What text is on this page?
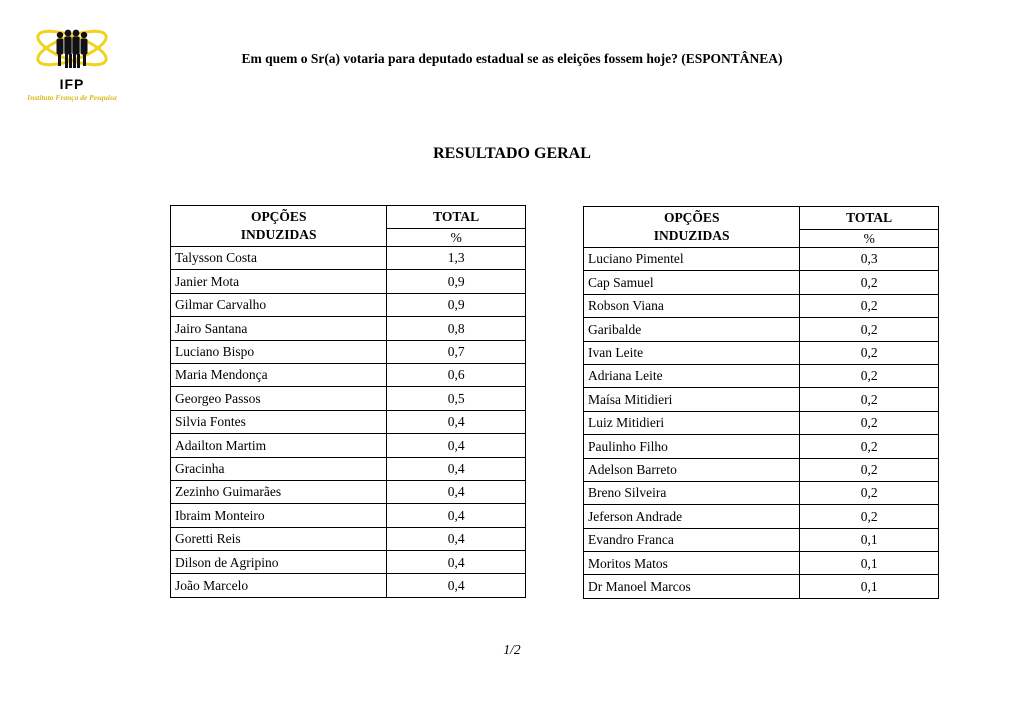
IFP
Instituto França de Pesquisa
Em quem o Sr(a) votaria para deputado estadual se as eleições fossem hoje? (ESPONTÂNEA)
RESULTADO GERAL
OPÇÕES
INDUZIDAS	TOTAL
	%
Talysson Costa	1,3
Janier Mota	0,9
Gilmar Carvalho	0,9
Jairo Santana	0,8
Luciano Bispo	0,7
Maria Mendonça	0,6
Georgeo Passos	0,5
Silvia Fontes	0,4
Adailton Martim	0,4
Gracinha	0,4
Zezinho Guimarães	0,4
Ibraim Monteiro	0,4
Goretti Reis	0,4
Dilson de Agripino	0,4
João Marcelo	0,4
OPÇÕES
INDUZIDAS	TOTAL
	%
Luciano Pimentel	0,3
Cap Samuel	0,2
Robson Viana	0,2
Garibalde	0,2
Ivan Leite	0,2
Adriana Leite	0,2
Maísa Mitidieri	0,2
Luiz Mitidieri	0,2
Paulinho Filho	0,2
Adelson Barreto	0,2
Breno Silveira	0,2
Jeferson Andrade	0,2
Evandro Franca	0,1
Moritos Matos	0,1
Dr Manoel Marcos	0,1
1/2
